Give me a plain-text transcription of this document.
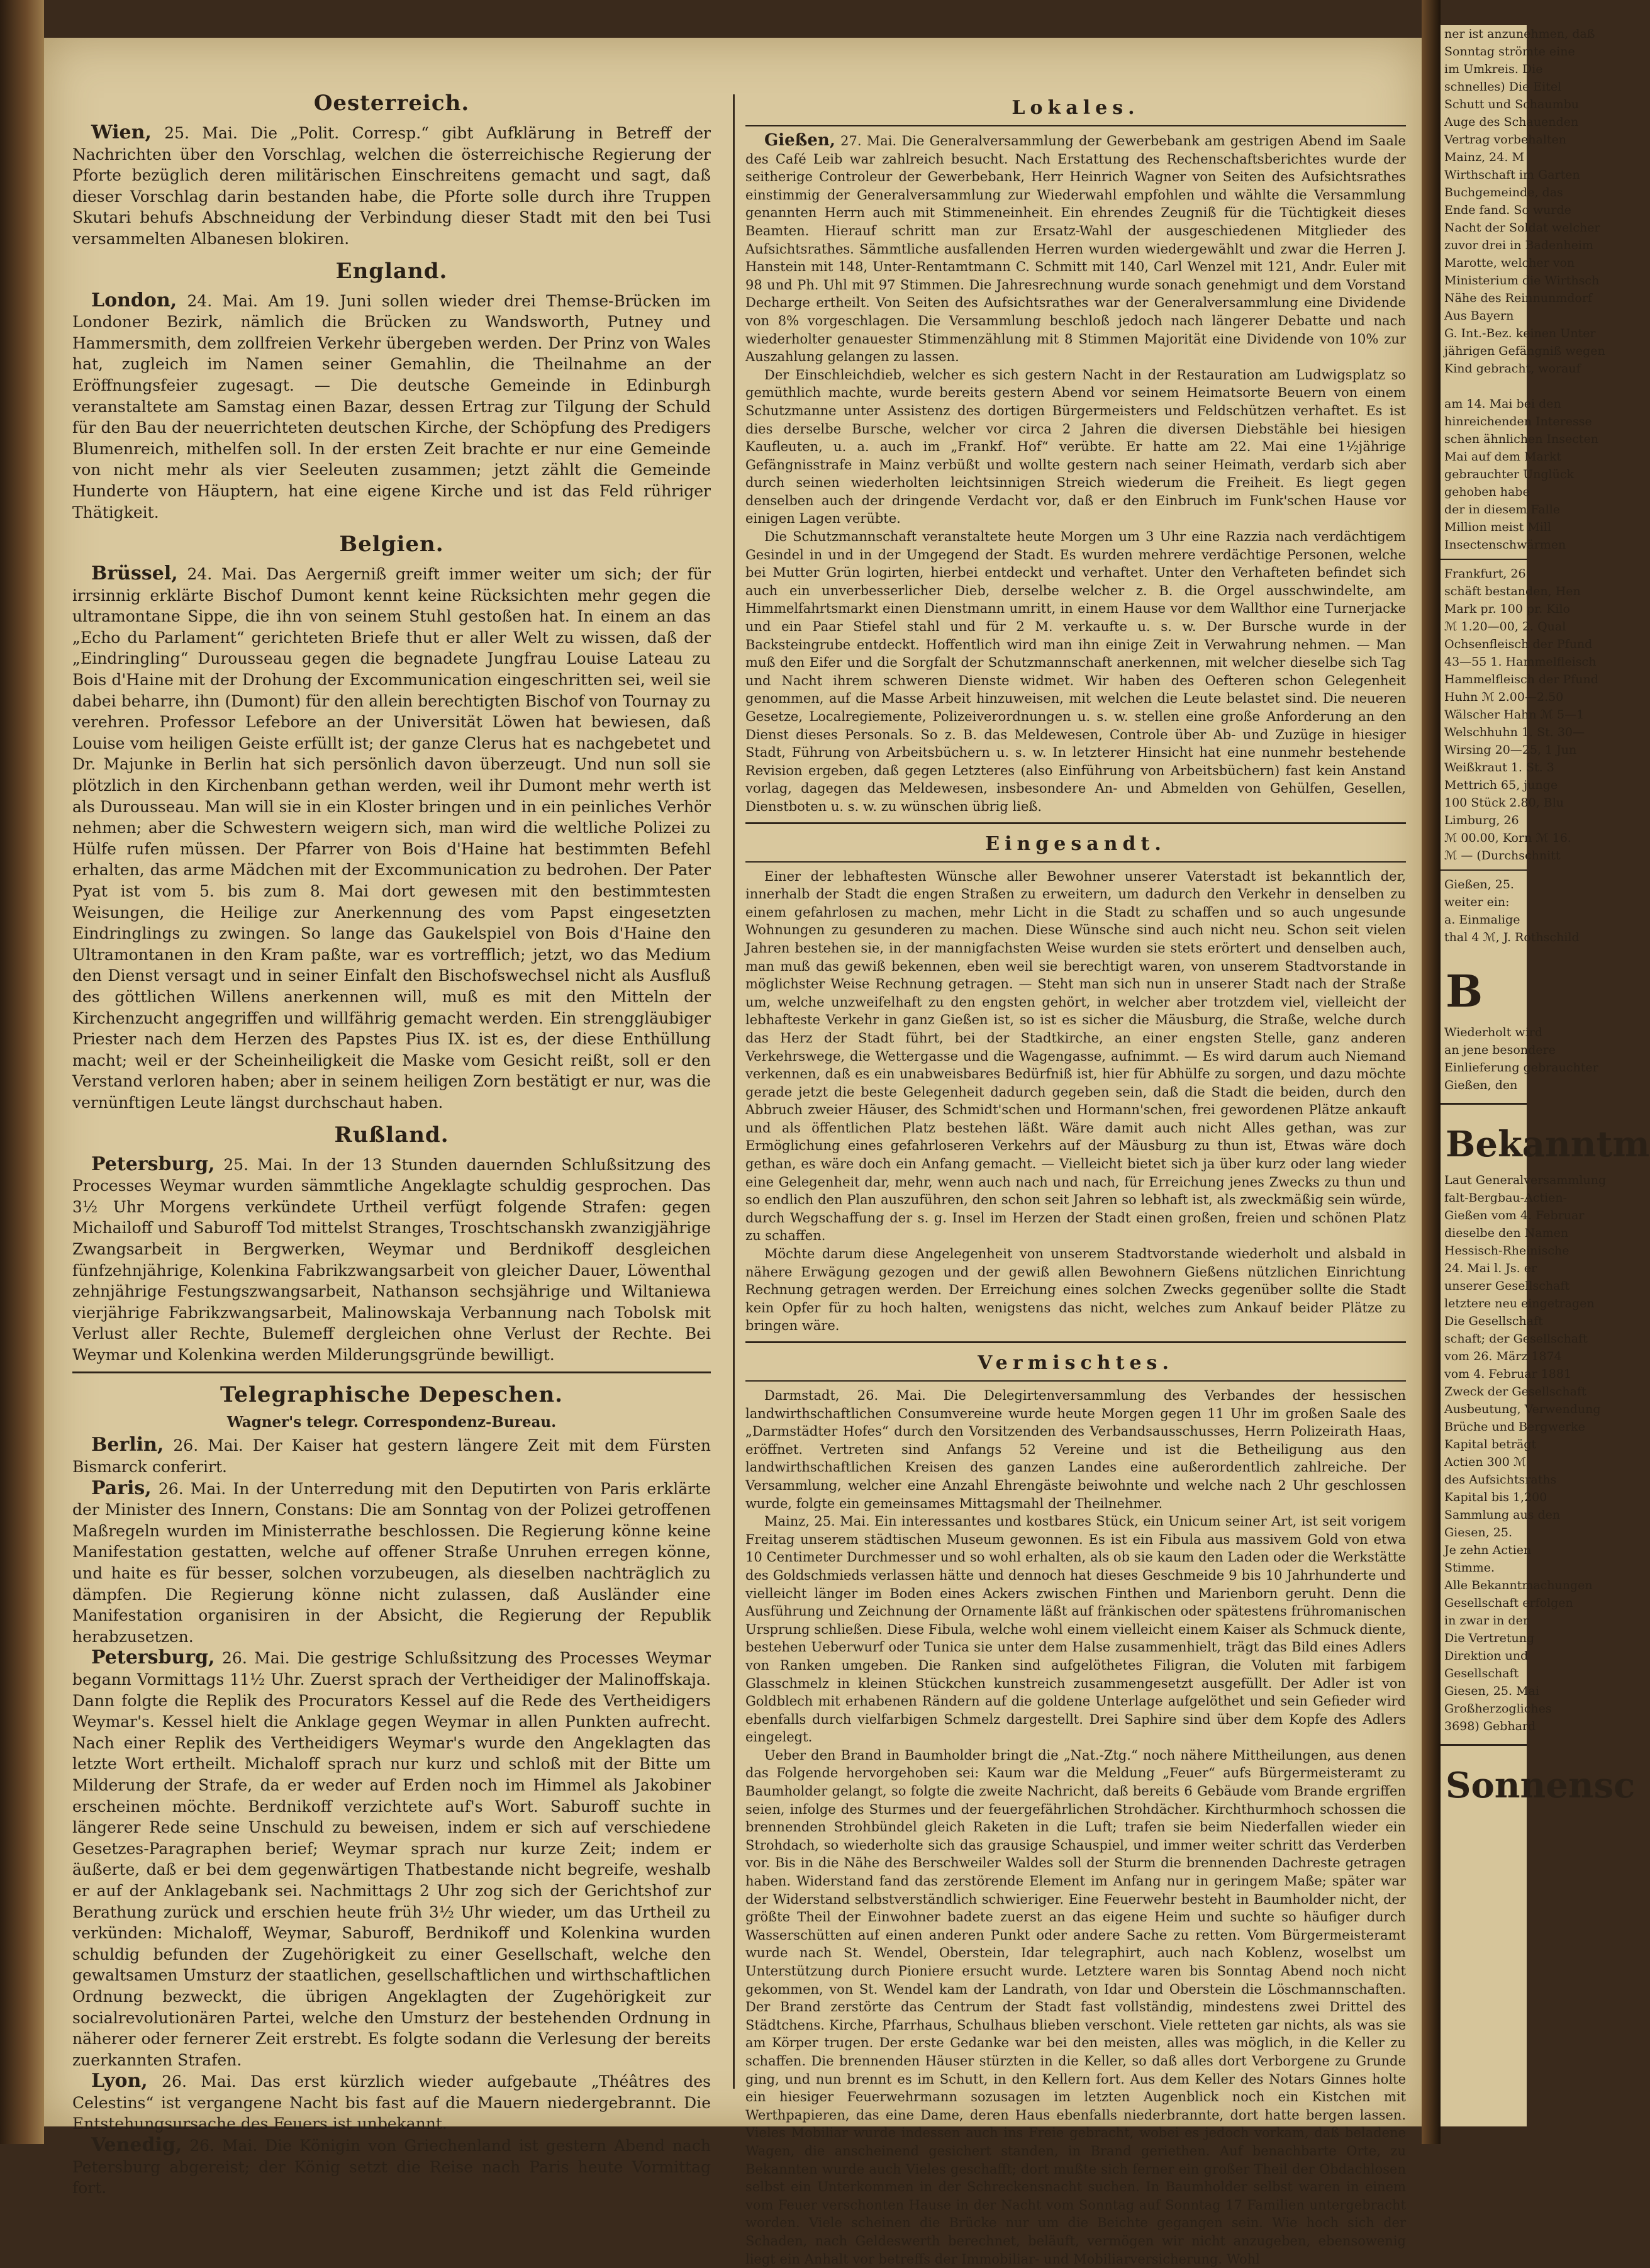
Oesterreich.

Wien, 25. Mai. Die „Polit. Corresp.“ gibt Aufklärung in Betreff der Nachrichten über den Vorschlag, welchen die österreichische Regierung der Pforte bezüglich deren militärischen Einschreitens gemacht und sagt, daß dieser Vorschlag darin bestanden habe, die Pforte solle durch ihre Truppen Skutari behufs Abschneidung der Verbindung dieser Stadt mit den bei Tusi versammelten Albanesen blokiren.

England.

London, 24. Mai. Am 19. Juni sollen wieder drei Themse-Brücken im Londoner Bezirk, nämlich die Brücken zu Wandsworth, Putney und Hammersmith, dem zollfreien Verkehr übergeben werden. Der Prinz von Wales hat, zugleich im Namen seiner Gemahlin, die Theilnahme an der Eröffnungsfeier zugesagt. — Die deutsche Gemeinde in Edinburgh veranstaltete am Samstag einen Bazar, dessen Ertrag zur Tilgung der Schuld für den Bau der neuerrichteten deutschen Kirche, der Schöpfung des Predigers Blumenreich, mithelfen soll. In der ersten Zeit brachte er nur eine Gemeinde von nicht mehr als vier Seeleuten zusammen; jetzt zählt die Gemeinde Hunderte von Häuptern, hat eine eigene Kirche und ist das Feld rühriger Thätigkeit.

Belgien.

Brüssel, 24. Mai. Das Aergerniß greift immer weiter um sich; der für irrsinnig erklärte Bischof Dumont kennt keine Rücksichten mehr gegen die ultramontane Sippe, die ihn von seinem Stuhl gestoßen hat. In einem an das „Echo du Parlament“ gerichteten Briefe thut er aller Welt zu wissen, daß der „Eindringling“ Durousseau gegen die begnadete Jungfrau Louise Lateau zu Bois d'Haine mit der Drohung der Excommunication eingeschritten sei, weil sie dabei beharre, ihn (Dumont) für den allein berechtigten Bischof von Tournay zu verehren. Professor Lefebore an der Universität Löwen hat bewiesen, daß Louise vom heiligen Geiste erfüllt ist; der ganze Clerus hat es nachgebetet und Dr. Majunke in Berlin hat sich persönlich davon überzeugt. Und nun soll sie plötzlich in den Kirchenbann gethan werden, weil ihr Dumont mehr werth ist als Durousseau. Man will sie in ein Kloster bringen und in ein peinliches Verhör nehmen; aber die Schwestern weigern sich, man wird die weltliche Polizei zu Hülfe rufen müssen. Der Pfarrer von Bois d'Haine hat bestimmten Befehl erhalten, das arme Mädchen mit der Excommunication zu bedrohen. Der Pater Pyat ist vom 5. bis zum 8. Mai dort gewesen mit den bestimmtesten Weisungen, die Heilige zur Anerkennung des vom Papst eingesetzten Eindringlings zu zwingen. So lange das Gaukelspiel von Bois d'Haine den Ultramontanen in den Kram paßte, war es vortrefflich; jetzt, wo das Medium den Dienst versagt und in seiner Einfalt den Bischofswechsel nicht als Ausfluß des göttlichen Willens anerkennen will, muß es mit den Mitteln der Kirchenzucht angegriffen und willfährig gemacht werden. Ein strenggläubiger Priester nach dem Herzen des Papstes Pius IX. ist es, der diese Enthüllung macht; weil er der Scheinheiligkeit die Maske vom Gesicht reißt, soll er den Verstand verloren haben; aber in seinem heiligen Zorn bestätigt er nur, was die vernünftigen Leute längst durchschaut haben.

Rußland.

Petersburg, 25. Mai. In der 13 Stunden dauernden Schlußsitzung des Processes Weymar wurden sämmtliche Angeklagte schuldig gesprochen. Das 3½ Uhr Morgens verkündete Urtheil verfügt folgende Strafen: gegen Michailoff und Saburoff Tod mittelst Stranges, Troschtschanskh zwanzigjährige Zwangsarbeit in Bergwerken, Weymar und Berdnikoff desgleichen fünfzehnjährige, Kolenkina Fabrikzwangsarbeit von gleicher Dauer, Löwenthal zehnjährige Festungszwangsarbeit, Nathanson sechsjährige und Wiltaniewa vierjährige Fabrikzwangsarbeit, Malinowskaja Verbannung nach Tobolsk mit Verlust aller Rechte, Bulemeff dergleichen ohne Verlust der Rechte. Bei Weymar und Kolenkina werden Milderungsgründe bewilligt.

Telegraphische Depeschen.
Wagner's telegr. Correspondenz-Bureau.

Berlin, 26. Mai. Der Kaiser hat gestern längere Zeit mit dem Fürsten Bismarck conferirt.

Paris, 26. Mai. In der Unterredung mit den Deputirten von Paris erklärte der Minister des Innern, Constans: Die am Sonntag von der Polizei getroffenen Maßregeln wurden im Ministerrathe beschlossen. Die Regierung könne keine Manifestation gestatten, welche auf offener Straße Unruhen erregen könne, und haite es für besser, solchen vorzubeugen, als dieselben nachträglich zu dämpfen. Die Regierung könne nicht zulassen, daß Ausländer eine Manifestation organisiren in der Absicht, die Regierung der Republik herabzusetzen.

Petersburg, 26. Mai. Die gestrige Schlußsitzung des Processes Weymar begann Vormittags 11½ Uhr. Zuerst sprach der Vertheidiger der Malinoffskaja. Dann folgte die Replik des Procurators Kessel auf die Rede des Vertheidigers Weymar's. Kessel hielt die Anklage gegen Weymar in allen Punkten aufrecht. Nach einer Replik des Vertheidigers Weymar's wurde den Angeklagten das letzte Wort ertheilt. Michaloff sprach nur kurz und schloß mit der Bitte um Milderung der Strafe, da er weder auf Erden noch im Himmel als Jakobiner erscheinen möchte. Berdnikoff verzichtete auf's Wort. Saburoff suchte in längerer Rede seine Unschuld zu beweisen, indem er sich auf verschiedene Gesetzes-Paragraphen berief; Weymar sprach nur kurze Zeit; indem er äußerte, daß er bei dem gegenwärtigen Thatbestande nicht begreife, weshalb er auf der Anklagebank sei. Nachmittags 2 Uhr zog sich der Gerichtshof zur Berathung zurück und erschien heute früh 3½ Uhr wieder, um das Urtheil zu verkünden: Michaloff, Weymar, Saburoff, Berdnikoff und Kolenkina wurden schuldig befunden der Zugehörigkeit zu einer Gesellschaft, welche den gewaltsamen Umsturz der staatlichen, gesellschaftlichen und wirthschaftlichen Ordnung bezweckt, die übrigen Angeklagten der Zugehörigkeit zur socialrevolutionären Partei, welche den Umsturz der bestehenden Ordnung in näherer oder fernerer Zeit erstrebt. Es folgte sodann die Verlesung der bereits zuerkannten Strafen.

Lyon, 26. Mai. Das erst kürzlich wieder aufgebaute „Théâtres des Celestins“ ist vergangene Nacht bis fast auf die Mauern niedergebrannt. Die Entstehungsursache des Feuers ist unbekannt.

Venedig, 26. Mai. Die Königin von Griechenland ist gestern Abend nach Petersburg abgereist; der König setzt die Reise nach Paris heute Vormittag fort.

Lokales.

Gießen, 27. Mai. Die Generalversammlung der Gewerbebank am gestrigen Abend im Saale des Café Leib war zahlreich besucht. Nach Erstattung des Rechenschaftsberichtes wurde der seitherige Controleur der Gewerbebank, Herr Heinrich Wagner von Seiten des Aufsichtsrathes einstimmig der Generalversammlung zur Wiederwahl empfohlen und wählte die Versammlung genannten Herrn auch mit Stimmeneinheit. Ein ehrendes Zeugniß für die Tüchtigkeit dieses Beamten. Hierauf schritt man zur Ersatz-Wahl der ausgeschiedenen Mitglieder des Aufsichtsrathes. Sämmtliche ausfallenden Herren wurden wiedergewählt und zwar die Herren J. Hanstein mit 148, Unter-Rentamtmann C. Schmitt mit 140, Carl Wenzel mit 121, Andr. Euler mit 98 und Ph. Uhl mit 97 Stimmen. Die Jahresrechnung wurde sonach genehmigt und dem Vorstand Decharge ertheilt. Von Seiten des Aufsichtsrathes war der Generalversammlung eine Dividende von 8% vorgeschlagen. Die Versammlung beschloß jedoch nach längerer Debatte und nach wiederholter genauester Stimmenzählung mit 8 Stimmen Majorität eine Dividende von 10% zur Auszahlung gelangen zu lassen.

Der Einschleichdieb, welcher es sich gestern Nacht in der Restauration am Ludwigsplatz so gemüthlich machte, wurde bereits gestern Abend vor seinem Heimatsorte Beuern von einem Schutzmanne unter Assistenz des dortigen Bürgermeisters und Feldschützen verhaftet. Es ist dies derselbe Bursche, welcher vor circa 2 Jahren die diversen Diebstähle bei hiesigen Kaufleuten, u. a. auch im „Frankf. Hof“ verübte. Er hatte am 22. Mai eine 1½jährige Gefängnisstrafe in Mainz verbüßt und wollte gestern nach seiner Heimath, verdarb sich aber durch seinen wiederholten leichtsinnigen Streich wiederum die Freiheit. Es liegt gegen denselben auch der dringende Verdacht vor, daß er den Einbruch im Funk'schen Hause vor einigen Lagen verübte.

Die Schutzmannschaft veranstaltete heute Morgen um 3 Uhr eine Razzia nach verdächtigem Gesindel in und in der Umgegend der Stadt. Es wurden mehrere verdächtige Personen, welche bei Mutter Grün logirten, hierbei entdeckt und verhaftet. Unter den Verhafteten befindet sich auch ein unverbesserlicher Dieb, derselbe welcher z. B. die Orgel ausschwindelte, am Himmelfahrtsmarkt einen Dienstmann umritt, in einem Hause vor dem Wallthor eine Turnerjacke und ein Paar Stiefel stahl und für 2 M. verkaufte u. s. w. Der Bursche wurde in der Backsteingrube entdeckt. Hoffentlich wird man ihn einige Zeit in Verwahrung nehmen. — Man muß den Eifer und die Sorgfalt der Schutzmannschaft anerkennen, mit welcher dieselbe sich Tag und Nacht ihrem schweren Dienste widmet. Wir haben des Oefteren schon Gelegenheit genommen, auf die Masse Arbeit hinzuweisen, mit welchen die Leute belastet sind. Die neueren Gesetze, Localregiemente, Polizeiverordnungen u. s. w. stellen eine große Anforderung an den Dienst dieses Personals. So z. B. das Meldewesen, Controle über Ab- und Zuzüge in hiesiger Stadt, Führung von Arbeitsbüchern u. s. w. In letzterer Hinsicht hat eine nunmehr bestehende Revision ergeben, daß gegen Letzteres (also Einführung von Arbeitsbüchern) fast kein Anstand vorlag, dagegen das Meldewesen, insbesondere An- und Abmelden von Gehülfen, Gesellen, Dienstboten u. s. w. zu wünschen übrig ließ.

Eingesandt.

Einer der lebhaftesten Wünsche aller Bewohner unserer Vaterstadt ist bekanntlich der, innerhalb der Stadt die engen Straßen zu erweitern, um dadurch den Verkehr in denselben zu einem gefahrlosen zu machen, mehr Licht in die Stadt zu schaffen und so auch ungesunde Wohnungen zu gesunderen zu machen. Diese Wünsche sind auch nicht neu. Schon seit vielen Jahren bestehen sie, in der mannigfachsten Weise wurden sie stets erörtert und denselben auch, man muß das gewiß bekennen, eben weil sie berechtigt waren, von unserem Stadtvorstande in möglichster Weise Rechnung getragen. — Steht man sich nun in unserer Stadt nach der Straße um, welche unzweifelhaft zu den engsten gehört, in welcher aber trotzdem viel, vielleicht der lebhafteste Verkehr in ganz Gießen ist, so ist es sicher die Mäusburg, die Straße, welche durch das Herz der Stadt führt, bei der Stadtkirche, an einer engsten Stelle, ganz anderen Verkehrswege, die Wettergasse und die Wagengasse, aufnimmt. — Es wird darum auch Niemand verkennen, daß es ein unabweisbares Bedürfniß ist, hier für Abhülfe zu sorgen, und dazu möchte gerade jetzt die beste Gelegenheit dadurch gegeben sein, daß die Stadt die beiden, durch den Abbruch zweier Häuser, des Schmidt'schen und Hormann'schen, frei gewordenen Plätze ankauft und als öffentlichen Platz bestehen läßt. Wäre damit auch nicht Alles gethan, was zur Ermöglichung eines gefahrloseren Verkehrs auf der Mäusburg zu thun ist, Etwas wäre doch gethan, es wäre doch ein Anfang gemacht. — Vielleicht bietet sich ja über kurz oder lang wieder eine Gelegenheit dar, mehr, wenn auch nach und nach, für Erreichung jenes Zwecks zu thun und so endlich den Plan auszuführen, den schon seit Jahren so lebhaft ist, als zweckmäßig sein würde, durch Wegschaffung der s. g. Insel im Herzen der Stadt einen großen, freien und schönen Platz zu schaffen.

Möchte darum diese Angelegenheit von unserem Stadtvorstande wiederholt und alsbald in nähere Erwägung gezogen und der gewiß allen Bewohnern Gießens nützlichen Einrichtung Rechnung getragen werden. Der Erreichung eines solchen Zwecks gegenüber sollte die Stadt kein Opfer für zu hoch halten, wenigstens das nicht, welches zum Ankauf beider Plätze zu bringen wäre.

Vermischtes.

Darmstadt, 26. Mai. Die Delegirtenversammlung des Verbandes der hessischen landwirthschaftlichen Consumvereine wurde heute Morgen gegen 11 Uhr im großen Saale des „Darmstädter Hofes“ durch den Vorsitzenden des Verbandsausschusses, Herrn Polizeirath Haas, eröffnet. Vertreten sind Anfangs 52 Vereine und ist die Betheiligung aus den landwirthschaftlichen Kreisen des ganzen Landes eine außerordentlich zahlreiche. Der Versammlung, welcher eine Anzahl Ehrengäste beiwohnte und welche nach 2 Uhr geschlossen wurde, folgte ein gemeinsames Mittagsmahl der Theilnehmer.

Mainz, 25. Mai. Ein interessantes und kostbares Stück, ein Unicum seiner Art, ist seit vorigem Freitag unserem städtischen Museum gewonnen. Es ist ein Fibula aus massivem Gold von etwa 10 Centimeter Durchmesser und so wohl erhalten, als ob sie kaum den Laden oder die Werkstätte des Goldschmieds verlassen hätte und dennoch hat dieses Geschmeide 9 bis 10 Jahrhunderte und vielleicht länger im Boden eines Ackers zwischen Finthen und Marienborn geruht. Denn die Ausführung und Zeichnung der Ornamente läßt auf fränkischen oder spätestens frühromanischen Ursprung schließen. Diese Fibula, welche wohl einem vielleicht einem Kaiser als Schmuck diente, bestehen Ueberwurf oder Tunica sie unter dem Halse zusammenhielt, trägt das Bild eines Adlers von Ranken umgeben. Die Ranken sind aufgelöthetes Filigran, die Voluten mit farbigem Glasschmelz in kleinen Stückchen kunstreich zusammengesetzt ausgefüllt. Der Adler ist von Goldblech mit erhabenen Rändern auf die goldene Unterlage aufgelöthet und sein Gefieder wird ebenfalls durch vielfarbigen Schmelz dargestellt. Drei Saphire sind über dem Kopfe des Adlers eingelegt.

Ueber den Brand in Baumholder bringt die „Nat.-Ztg.“ noch nähere Mittheilungen, aus denen das Folgende hervorgehoben sei: Kaum war die Meldung „Feuer“ aufs Bürgermeisteramt zu Baumholder gelangt, so folgte die zweite Nachricht, daß bereits 6 Gebäude vom Brande ergriffen seien, infolge des Sturmes und der feuergefährlichen Strohdächer. Kirchthurmhoch schossen die brennenden Strohbündel gleich Raketen in die Luft; trafen sie beim Niederfallen wieder ein Strohdach, so wiederholte sich das grausige Schauspiel, und immer weiter schritt das Verderben vor. Bis in die Nähe des Berschweiler Waldes soll der Sturm die brennenden Dachreste getragen haben. Widerstand fand das zerstörende Element im Anfang nur in geringem Maße; später war der Widerstand selbstverständlich schwieriger. Eine Feuerwehr besteht in Baumholder nicht, der größte Theil der Einwohner badete zuerst an das eigene Heim und suchte so häufiger durch Wasserschütten auf einen anderen Punkt oder andere Sache zu retten. Vom Bürgermeisteramt wurde nach St. Wendel, Oberstein, Idar telegraphirt, auch nach Koblenz, woselbst um Unterstützung durch Pioniere ersucht wurde. Letztere waren bis Sonntag Abend noch nicht gekommen, von St. Wendel kam der Landrath, von Idar und Oberstein die Löschmannschaften. Der Brand zerstörte das Centrum der Stadt fast vollständig, mindestens zwei Drittel des Städtchens. Kirche, Pfarrhaus, Schulhaus blieben verschont. Viele retteten gar nichts, als was sie am Körper trugen. Der erste Gedanke war bei den meisten, alles was möglich, in die Keller zu schaffen. Die brennenden Häuser stürzten in die Keller, so daß alles dort Verborgene zu Grunde ging, und nun brennt es im Schutt, in den Kellern fort. Aus dem Keller des Notars Ginnes holte ein hiesiger Feuerwehrmann sozusagen im letzten Augenblick noch ein Kistchen mit Werthpapieren, das eine Dame, deren Haus ebenfalls niederbrannte, dort hatte bergen lassen. Vieles Mobiliar wurde indessen auch ins Freie gebracht, wobei es jedoch vorkam, daß beladene Wagen, die anscheinend gesichert standen, in Brand geriethen. Auf benachbarte Orte, zu Bekannten wurde auch Vieles geschafft; dort mußte sich ferner ein großer Theil der Obdachlosen selbst ein Unterkommen in der Schreckensnacht suchen. In Baumholder selbst waren in einem vom Feuer verschonten Hause in der Nacht vom Sonntag auf Sonntag 17 Familien untergebracht worden. Viele scheinen die Brücke nur um die Beichte gegangen sein. Wie hoch sich der Schaden, nach Geldeswerth berechnet, beläuft, vermögen wir nicht anzugeben, ebensowenig liegt ein Anhalt vor betreffs der Immobiliar- und Mobiliarversicherung. Wohl

ner ist anzunehmen, daß
Sonntag strömte eine
im Umkreis. Die
schnelles) Die Eitel
Schutt und Schaumbu
Auge des Schauenden
Vertrag vorbehalten
Mainz, 24. M
Wirthschaft im Garten
Buchgemeinde, das
Ende fand. So wurde
Nacht der Soldat welcher
zuvor drei in Badenheim
Marotte, welcher von
Ministerium die Wirthsch
Nähe des Reinnunmdorf
Aus Bayern
G. Int.-Bez. keinen Unter
jährigen Gefängniß wegen
Kind gebracht, worauf

am 14. Mai bei den
hinreichenden Interesse
schen ähnlichen Insecten
Mai auf dem Markt
gebrauchter Unglück
gehoben habe
der in diesem Falle
Million meist Mill
Insectenschwärmen
Frankfurt, 26
schäft bestanden, Hen
Mark pr. 100 pr. Kilo
ℳ 1.20—00, 2. Qual
Ochsenfleisch der Pfund
43—55 1. Hammelfleisch
Hammelfleisch der Pfund
Huhn ℳ 2.00—2.50
Wälscher Hahn ℳ 5—1
Welschhuhn 1. St. 30—
Wirsing 20—25, 1 Jun
Weißkraut 1. St. 3
Mettrich 65, junge
100 Stück 2.80, Blu
Limburg, 26
ℳ 00.00, Korn ℳ 16.
ℳ — (Durchschnitt
Gießen, 25.
weiter ein:
a. Einmalige
thal 4 ℳ, J. Rothschild
B
Wiederholt wird
an jene besondere
Einlieferung gebrauchter
Gießen, den
Bekanntm
Laut Generalversammlung
falt-Bergbau-Actien-
Gießen vom 4. Februar
dieselbe den Namen
Hessisch-Rheinische
24. Mai l. Js. er
unserer Gesellschaft
letztere neu eingetragen
Die Gesellschaft
schaft; der Gesellschaft
vom 26. März 1874
vom 4. Februar 1881
Zweck der Gesellschaft
Ausbeutung, Verwendung
Brüche und Bergwerke
Kapital beträgt
Actien 300 ℳ
des Aufsichtsraths
Kapital bis 1,200
Sammlung aus den
Giesen, 25.
Je zehn Actien
Stimme.
Alle Bekanntmachungen
Gesellschaft erfolgen
in zwar in der
Die Vertretung
Direktion und
Gesellschaft
Giesen, 25. Mai
Großherzogliches
3698) Gebhard
Sonnensc
